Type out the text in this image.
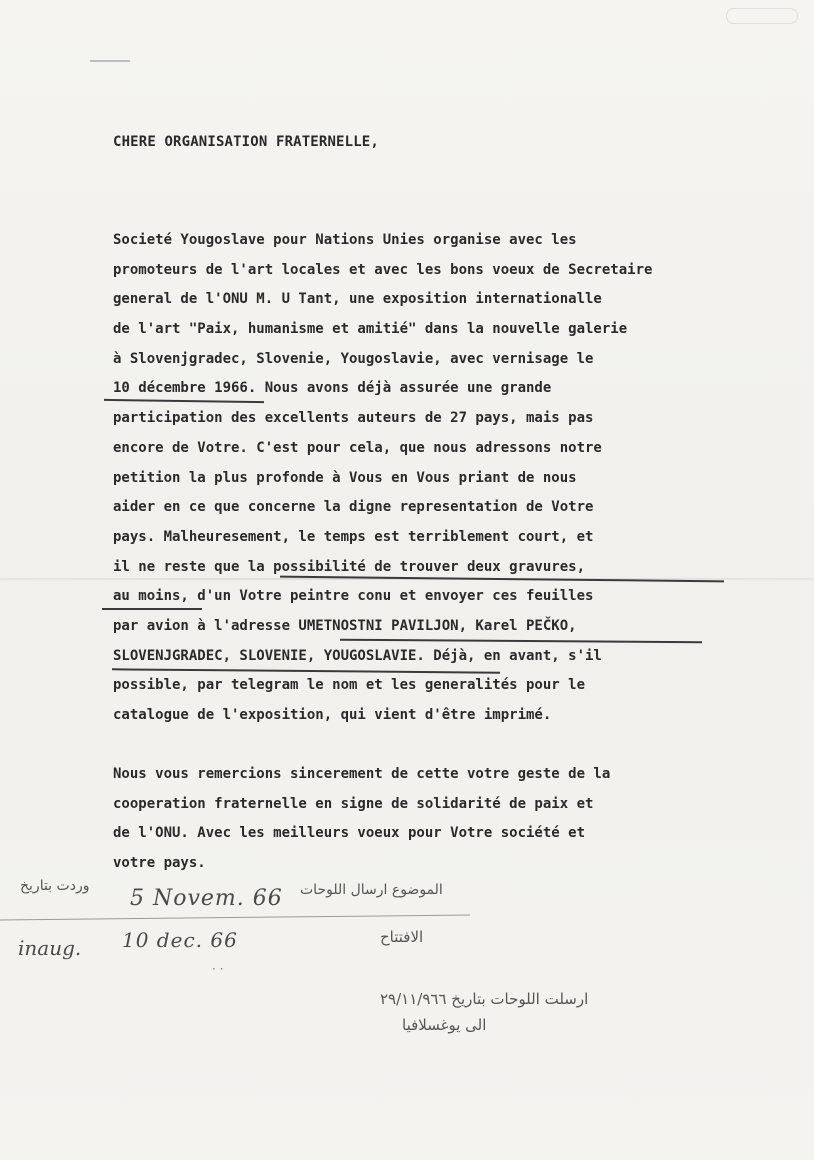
CHERE ORGANISATION FRATERNELLE,
Societé Yougoslave pour Nations Unies organise avec les
promoteurs de l'art locales et avec les bons voeux de Secretaire
general de l'ONU M. U Tant, une exposition internationalle
de l'art "Paix, humanisme et amitié" dans la nouvelle galerie
à Slovenjgradec, Slovenie, Yougoslavie, avec vernisage le
10 décembre 1966. Nous avons déjà assurée une grande
participation des excellents auteurs de 27 pays, mais pas
encore de Votre. C'est pour cela, que nous adressons notre
petition la plus profonde à Vous en Vous priant de nous
aider en ce que concerne la digne representation de Votre
pays. Malheuresement, le temps est terriblement court, et
il ne reste que la possibilité de trouver deux gravures,
au moins, d'un Votre peintre conu et envoyer ces feuilles
par avion à l'adresse UMETNOSTNI PAVILJON, Karel PEČKO,
SLOVENJGRADEC, SLOVENIE, YOUGOSLAVIE. Déjà, en avant, s'il
possible, par telegram le nom et les generalités pour le
catalogue de l'exposition, qui vient d'être imprimé.
Nous vous remercions sincerement de cette votre geste de la
cooperation fraternelle en signe de solidarité de paix et
de l'ONU. Avec les meilleurs voeux pour Votre société et
votre pays.
وردت بتاريخ 5 Novem. 66 الموضوع ارسال اللوحات
inaug. 10 dec. 66
· ·
الافتتاح
ارسلت اللوحات بتاريخ ٢٩/١١/٩٦٦
الى يوغسلافيا
